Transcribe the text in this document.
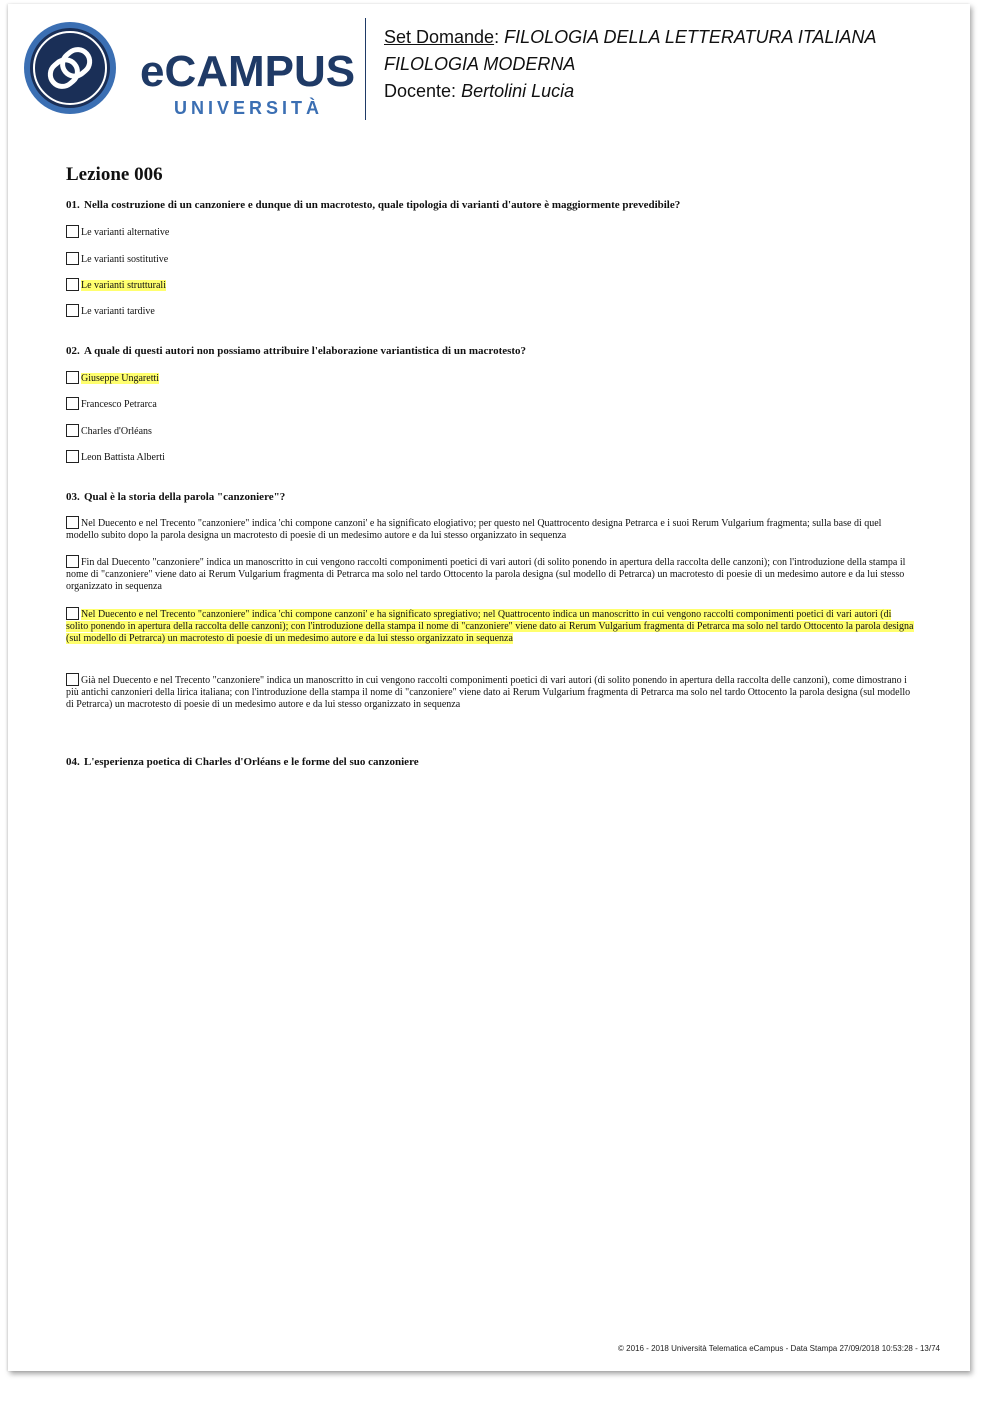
eCAMPUS
UNIVERSITÀ
Set Domande: FILOLOGIA DELLA LETTERATURA ITALIANA
FILOLOGIA MODERNA
Docente: Bertolini Lucia
Lezione 006
01. Nella costruzione di un canzoniere e dunque di un macrotesto, quale tipologia di varianti d'autore è maggiormente prevedibile?
Le varianti alternative
Le varianti sostitutive
Le varianti strutturali
Le varianti tardive
02. A quale di questi autori non possiamo attribuire l'elaborazione variantistica di un macrotesto?
Giuseppe Ungaretti
Francesco Petrarca
Charles d'Orléans
Leon Battista Alberti
03. Qual è la storia della parola "canzoniere"?
Nel Duecento e nel Trecento "canzoniere" indica 'chi compone canzoni' e ha significato elogiativo; per questo nel Quattrocento designa Petrarca e i suoi Rerum Vulgarium fragmenta; sulla base di quel modello subito dopo la parola designa un macrotesto di poesie di un medesimo autore e da lui stesso organizzato in sequenza
Fin dal Duecento "canzoniere" indica un manoscritto in cui vengono raccolti componimenti poetici di vari autori (di solito ponendo in apertura della raccolta delle canzoni); con l'introduzione della stampa il nome di "canzoniere" viene dato ai Rerum Vulgarium fragmenta di Petrarca ma solo nel tardo Ottocento la parola designa (sul modello di Petrarca) un macrotesto di poesie di un medesimo autore e da lui stesso organizzato in sequenza
Nel Duecento e nel Trecento "canzoniere" indica 'chi compone canzoni' e ha significato spregiativo; nel Quattrocento indica un manoscritto in cui vengono raccolti componimenti poetici di vari autori (di solito ponendo in apertura della raccolta delle canzoni); con l'introduzione della stampa il nome di "canzoniere" viene dato ai Rerum Vulgarium fragmenta di Petrarca ma solo nel tardo Ottocento la parola designa (sul modello di Petrarca) un macrotesto di poesie di un medesimo autore e da lui stesso organizzato in sequenza
Già nel Duecento e nel Trecento "canzoniere" indica un manoscritto in cui vengono raccolti componimenti poetici di vari autori (di solito ponendo in apertura della raccolta delle canzoni), come dimostrano i più antichi canzonieri della lirica italiana; con l'introduzione della stampa il nome di "canzoniere" viene dato ai Rerum Vulgarium fragmenta di Petrarca ma solo nel tardo Ottocento la parola designa (sul modello di Petrarca) un macrotesto di poesie di un medesimo autore e da lui stesso organizzato in sequenza
04. L'esperienza poetica di Charles d'Orléans e le forme del suo canzoniere
© 2016 - 2018 Università Telematica eCampus - Data Stampa 27/09/2018 10:53:28 - 13/74
